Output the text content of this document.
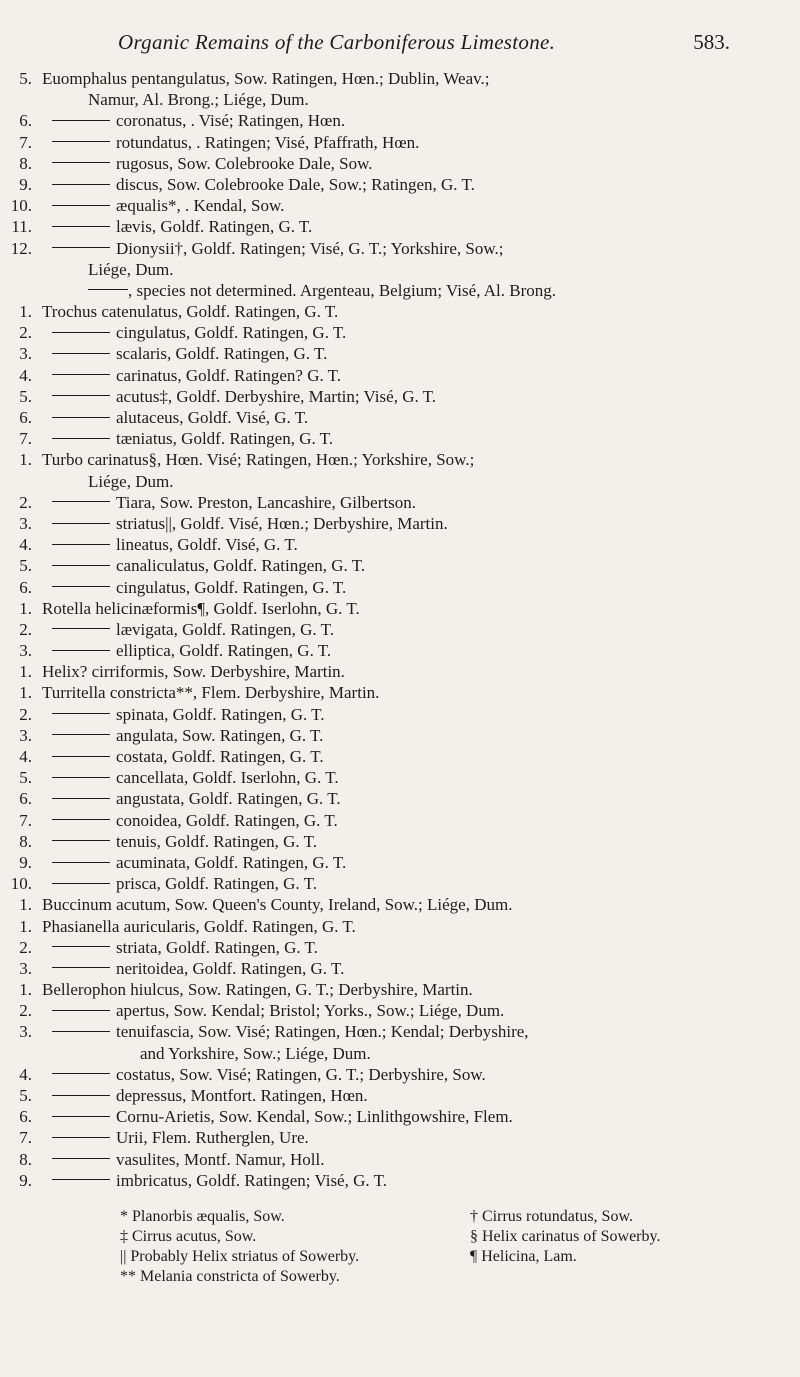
Organic Remains of the Carboniferous Limestone.	583.
5. Euomphalus pentangulatus, Sow. Ratingen, Hœn.; Dublin, Weav.;
Namur, Al. Brong.; Liége, Dum.
6.	coronatus, . Visé; Ratingen, Hœn.
7.	rotundatus, . Ratingen; Visé, Pfaffrath, Hœn.
8.	rugosus, Sow. Colebrooke Dale, Sow.
9.	discus, Sow. Colebrooke Dale, Sow.; Ratingen, G. T.
10.	æqualis*, . Kendal, Sow.
11.	lævis, Goldf. Ratingen, G. T.
12.	Dionysii†, Goldf. Ratingen; Visé, G. T.; Yorkshire, Sow.;
Liége, Dum.
, species not determined. Argenteau, Belgium; Visé, Al. Brong.
1. Trochus catenulatus, Goldf. Ratingen, G. T.
2.	cingulatus, Goldf. Ratingen, G. T.
3.	scalaris, Goldf. Ratingen, G. T.
4.	carinatus, Goldf. Ratingen? G. T.
5.	acutus‡, Goldf. Derbyshire, Martin; Visé, G. T.
6.	alutaceus, Goldf. Visé, G. T.
7.	tæniatus, Goldf. Ratingen, G. T.
1. Turbo carinatus§, Hœn. Visé; Ratingen, Hœn.; Yorkshire, Sow.;
Liége, Dum.
2.	Tiara, Sow. Preston, Lancashire, Gilbertson.
3.	striatus||, Goldf. Visé, Hœn.; Derbyshire, Martin.
4.	lineatus, Goldf. Visé, G. T.
5.	canaliculatus, Goldf. Ratingen, G. T.
6.	cingulatus, Goldf. Ratingen, G. T.
1. Rotella helicinæformis¶, Goldf. Iserlohn, G. T.
2.	lævigata, Goldf. Ratingen, G. T.
3.	elliptica, Goldf. Ratingen, G. T.
1. Helix? cirriformis, Sow. Derbyshire, Martin.
1. Turritella constricta**, Flem. Derbyshire, Martin.
2.	spinata, Goldf. Ratingen, G. T.
3.	angulata, Sow. Ratingen, G. T.
4.	costata, Goldf. Ratingen, G. T.
5.	cancellata, Goldf. Iserlohn, G. T.
6.	angustata, Goldf. Ratingen, G. T.
7.	conoidea, Goldf. Ratingen, G. T.
8.	tenuis, Goldf. Ratingen, G. T.
9.	acuminata, Goldf. Ratingen, G. T.
10.	prisca, Goldf. Ratingen, G. T.
1. Buccinum acutum, Sow. Queen's County, Ireland, Sow.; Liége, Dum.
1. Phasianella auricularis, Goldf. Ratingen, G. T.
2.	striata, Goldf. Ratingen, G. T.
3.	neritoidea, Goldf. Ratingen, G. T.
1. Bellerophon hiulcus, Sow. Ratingen, G. T.; Derbyshire, Martin.
2.	apertus, Sow. Kendal; Bristol; Yorks., Sow.; Liége, Dum.
3.	tenuifascia, Sow. Visé; Ratingen, Hœn.; Kendal; Derbyshire,
and Yorkshire, Sow.; Liége, Dum.
4.	costatus, Sow. Visé; Ratingen, G. T.; Derbyshire, Sow.
5.	depressus, Montfort. Ratingen, Hœn.
6.	Cornu-Arietis, Sow. Kendal, Sow.; Linlithgowshire, Flem.
7.	Urii, Flem. Rutherglen, Ure.
8.	vasulites, Montf. Namur, Holl.
9.	imbricatus, Goldf. Ratingen; Visé, G. T.
* Planorbis æqualis, Sow.
‡ Cirrus acutus, Sow.
|| Probably Helix striatus of Sowerby.
** Melania constricta of Sowerby.
† Cirrus rotundatus, Sow.
§ Helix carinatus of Sowerby.
¶ Helicina, Lam.
